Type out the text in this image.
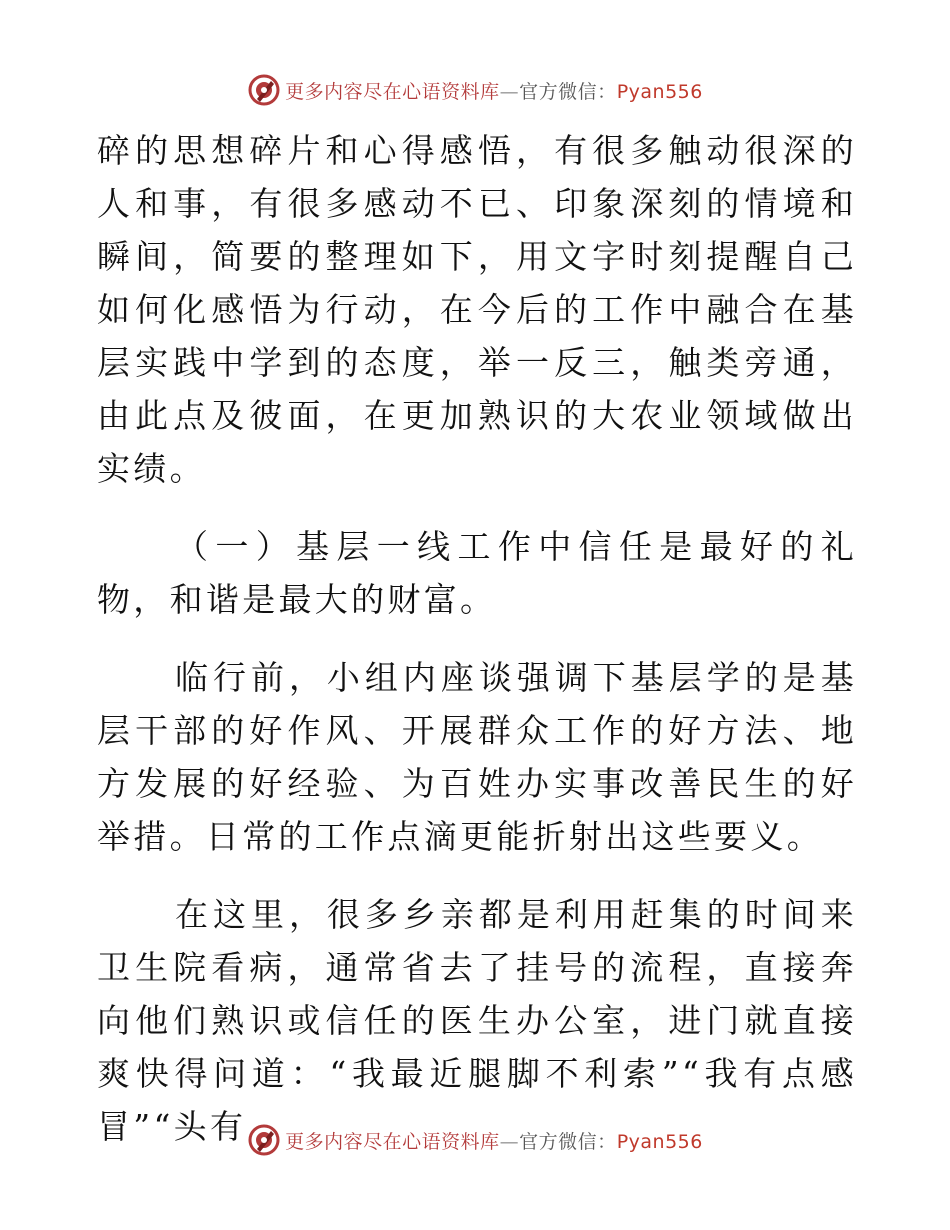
更多内容尽在心语资料库—官方微信：Pyan556

碎的思想碎片和心得感悟，有很多触动很深的人和事，有很多感动不已、印象深刻的情境和瞬间，简要的整理如下，用文字时刻提醒自己如何化感悟为行动，在今后的工作中融合在基层实践中学到的态度，举一反三，触类旁通，由此点及彼面，在更加熟识的大农业领域做出实绩。

（一）基层一线工作中信任是最好的礼物，和谐是最大的财富。

临行前，小组内座谈强调下基层学的是基层干部的好作风、开展群众工作的好方法、地方发展的好经验、为百姓办实事改善民生的好举措。日常的工作点滴更能折射出这些要义。

在这里，很多乡亲都是利用赶集的时间来卫生院看病，通常省去了挂号的流程，直接奔向他们熟识或信任的医生办公室，进门就直接爽快得问道：“我最近腿脚不利索”“我有点感冒”“头有	更多内容尽在心语资料库—官方微信：Pyan556
